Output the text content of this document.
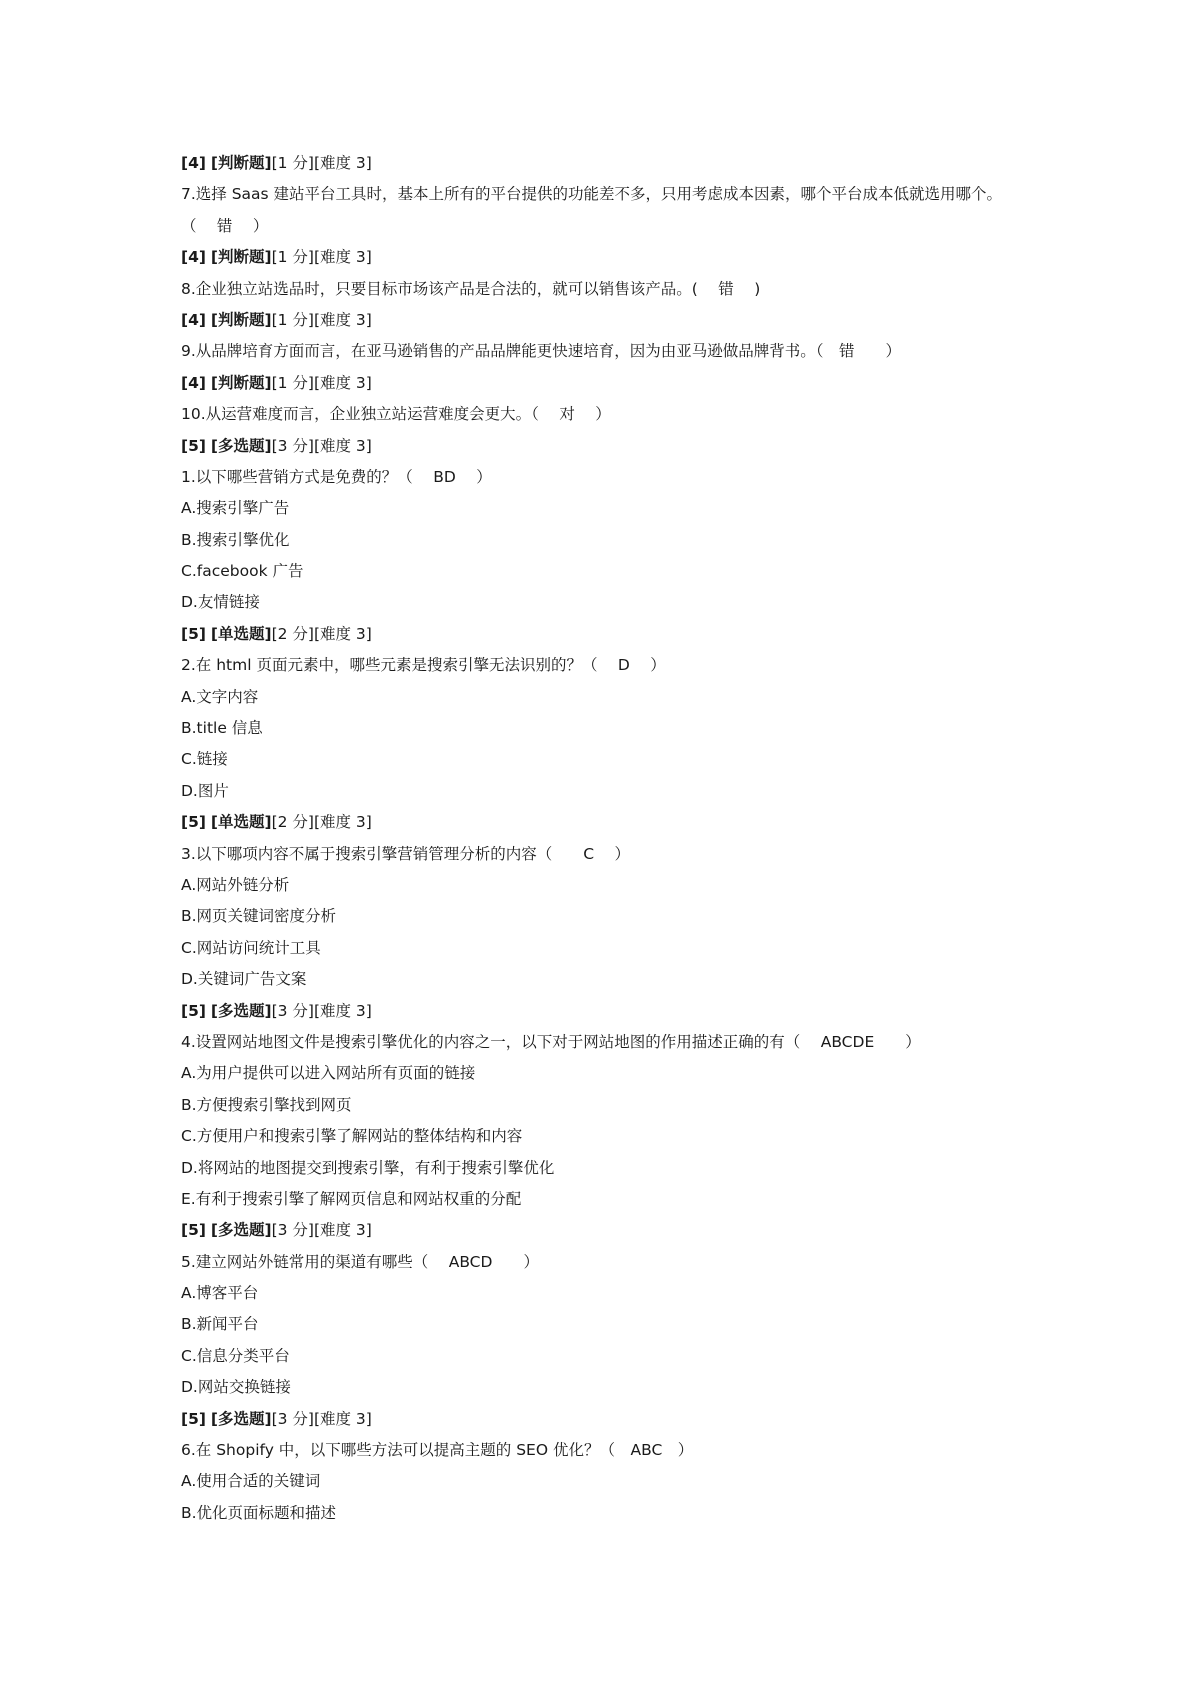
[4] [判断题][1 分][难度 3]
7.选择 Saas 建站平台工具时，基本上所有的平台提供的功能差不多，只用考虑成本因素，哪个平台成本低就选用哪个。
（　 错　 ）
[4] [判断题][1 分][难度 3]
8.企业独立站选品时，只要目标市场该产品是合法的，就可以销售该产品。(　 错　 )
[4] [判断题][1 分][难度 3]
9.从品牌培育方面而言，在亚马逊销售的产品品牌能更快速培育，因为由亚马逊做品牌背书。（　错　　）
[4] [判断题][1 分][难度 3]
10.从运营难度而言，企业独立站运营难度会更大。（　 对　 ）
[5] [多选题][3 分][难度 3]
1.以下哪些营销方式是免费的？（　 BD　 ）
A.搜索引擎广告
B.搜索引擎优化
C.facebook 广告
D.友情链接
[5] [单选题][2 分][难度 3]
2.在 html 页面元素中，哪些元素是搜索引擎无法识别的？（　 D　 ）
A.文字内容
B.title 信息
C.链接
D.图片
[5] [单选题][2 分][难度 3]
3.以下哪项内容不属于搜索引擎营销管理分析的内容（　　C　 ）
A.网站外链分析
B.网页关键词密度分析
C.网站访问统计工具
D.关键词广告文案
[5] [多选题][3 分][难度 3]
4.设置网站地图文件是搜索引擎优化的内容之一，以下对于网站地图的作用描述正确的有（　 ABCDE　　）
A.为用户提供可以进入网站所有页面的链接
B.方便搜索引擎找到网页
C.方便用户和搜索引擎了解网站的整体结构和内容
D.将网站的地图提交到搜索引擎，有利于搜索引擎优化
E.有利于搜索引擎了解网页信息和网站权重的分配
[5] [多选题][3 分][难度 3]
5.建立网站外链常用的渠道有哪些（　 ABCD　　）
A.博客平台
B.新闻平台
C.信息分类平台
D.网站交换链接
[5] [多选题][3 分][难度 3]
6.在 Shopify 中，以下哪些方法可以提高主题的 SEO 优化？（　ABC　）
A.使用合适的关键词
B.优化页面标题和描述
